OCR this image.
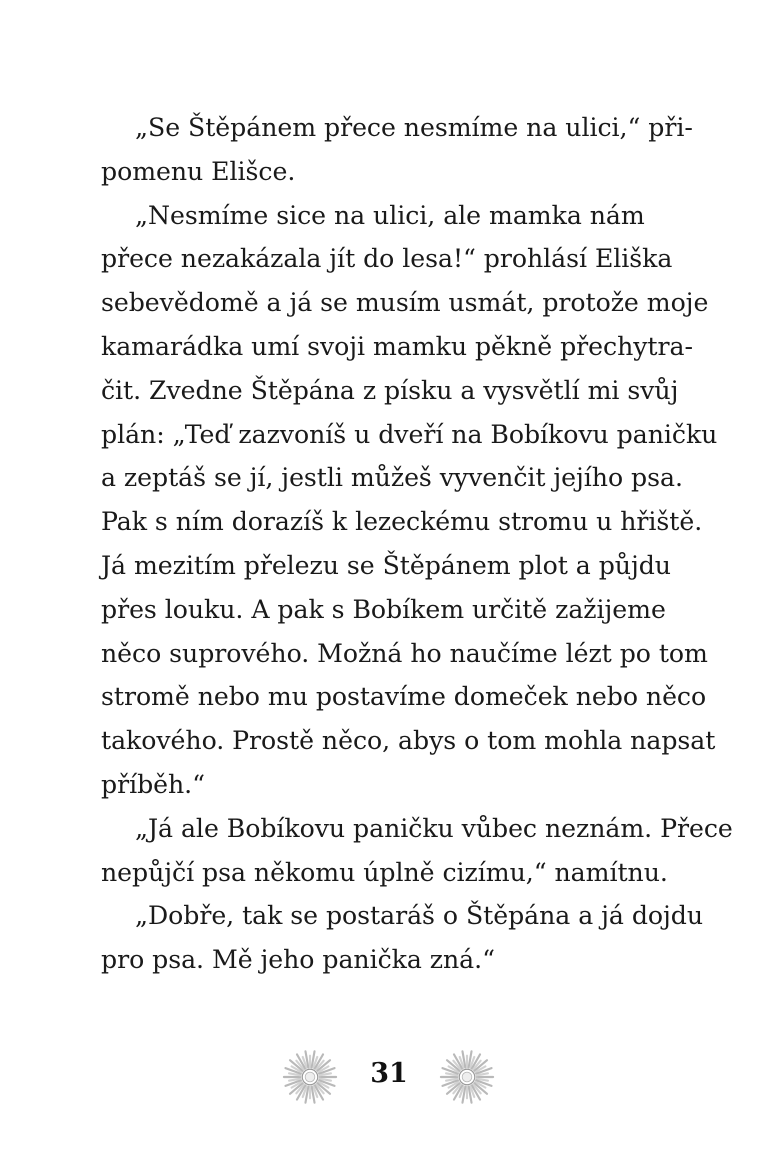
„Se Štěpánem přece nesmíme na ulici,“ při-
pomenu Elišce.
„Nesmíme sice na ulici, ale mamka nám
přece nezakázala jít do lesa!“ prohlásí Eliška
sebevědomě a já se musím usmát, protože moje
kamarádka umí svoji mamku pěkně přechytra-
čit. Zvedne Štěpána z písku a vysvětlí mi svůj
plán: „Teď zazvoníš u dveří na Bobíkovu paničku
a zeptáš se jí, jestli můžeš vyvenčit jejího psa.
Pak s ním dorazíš k lezeckému stromu u hřiště.
Já mezitím přelezu se Štěpánem plot a půjdu
přes louku. A pak s Bobíkem určitě zažijeme
něco suprového. Možná ho naučíme lézt po tom
stromě nebo mu postavíme domeček nebo něco
takového. Prostě něco, abys o tom mohla napsat
příběh.“
„Já ale Bobíkovu paničku vůbec neznám. Přece
nepůjčí psa někomu úplně cizímu,“ namítnu.
„Dobře, tak se postaráš o Štěpána a já dojdu
pro psa. Mě jeho panička zná.“
31
